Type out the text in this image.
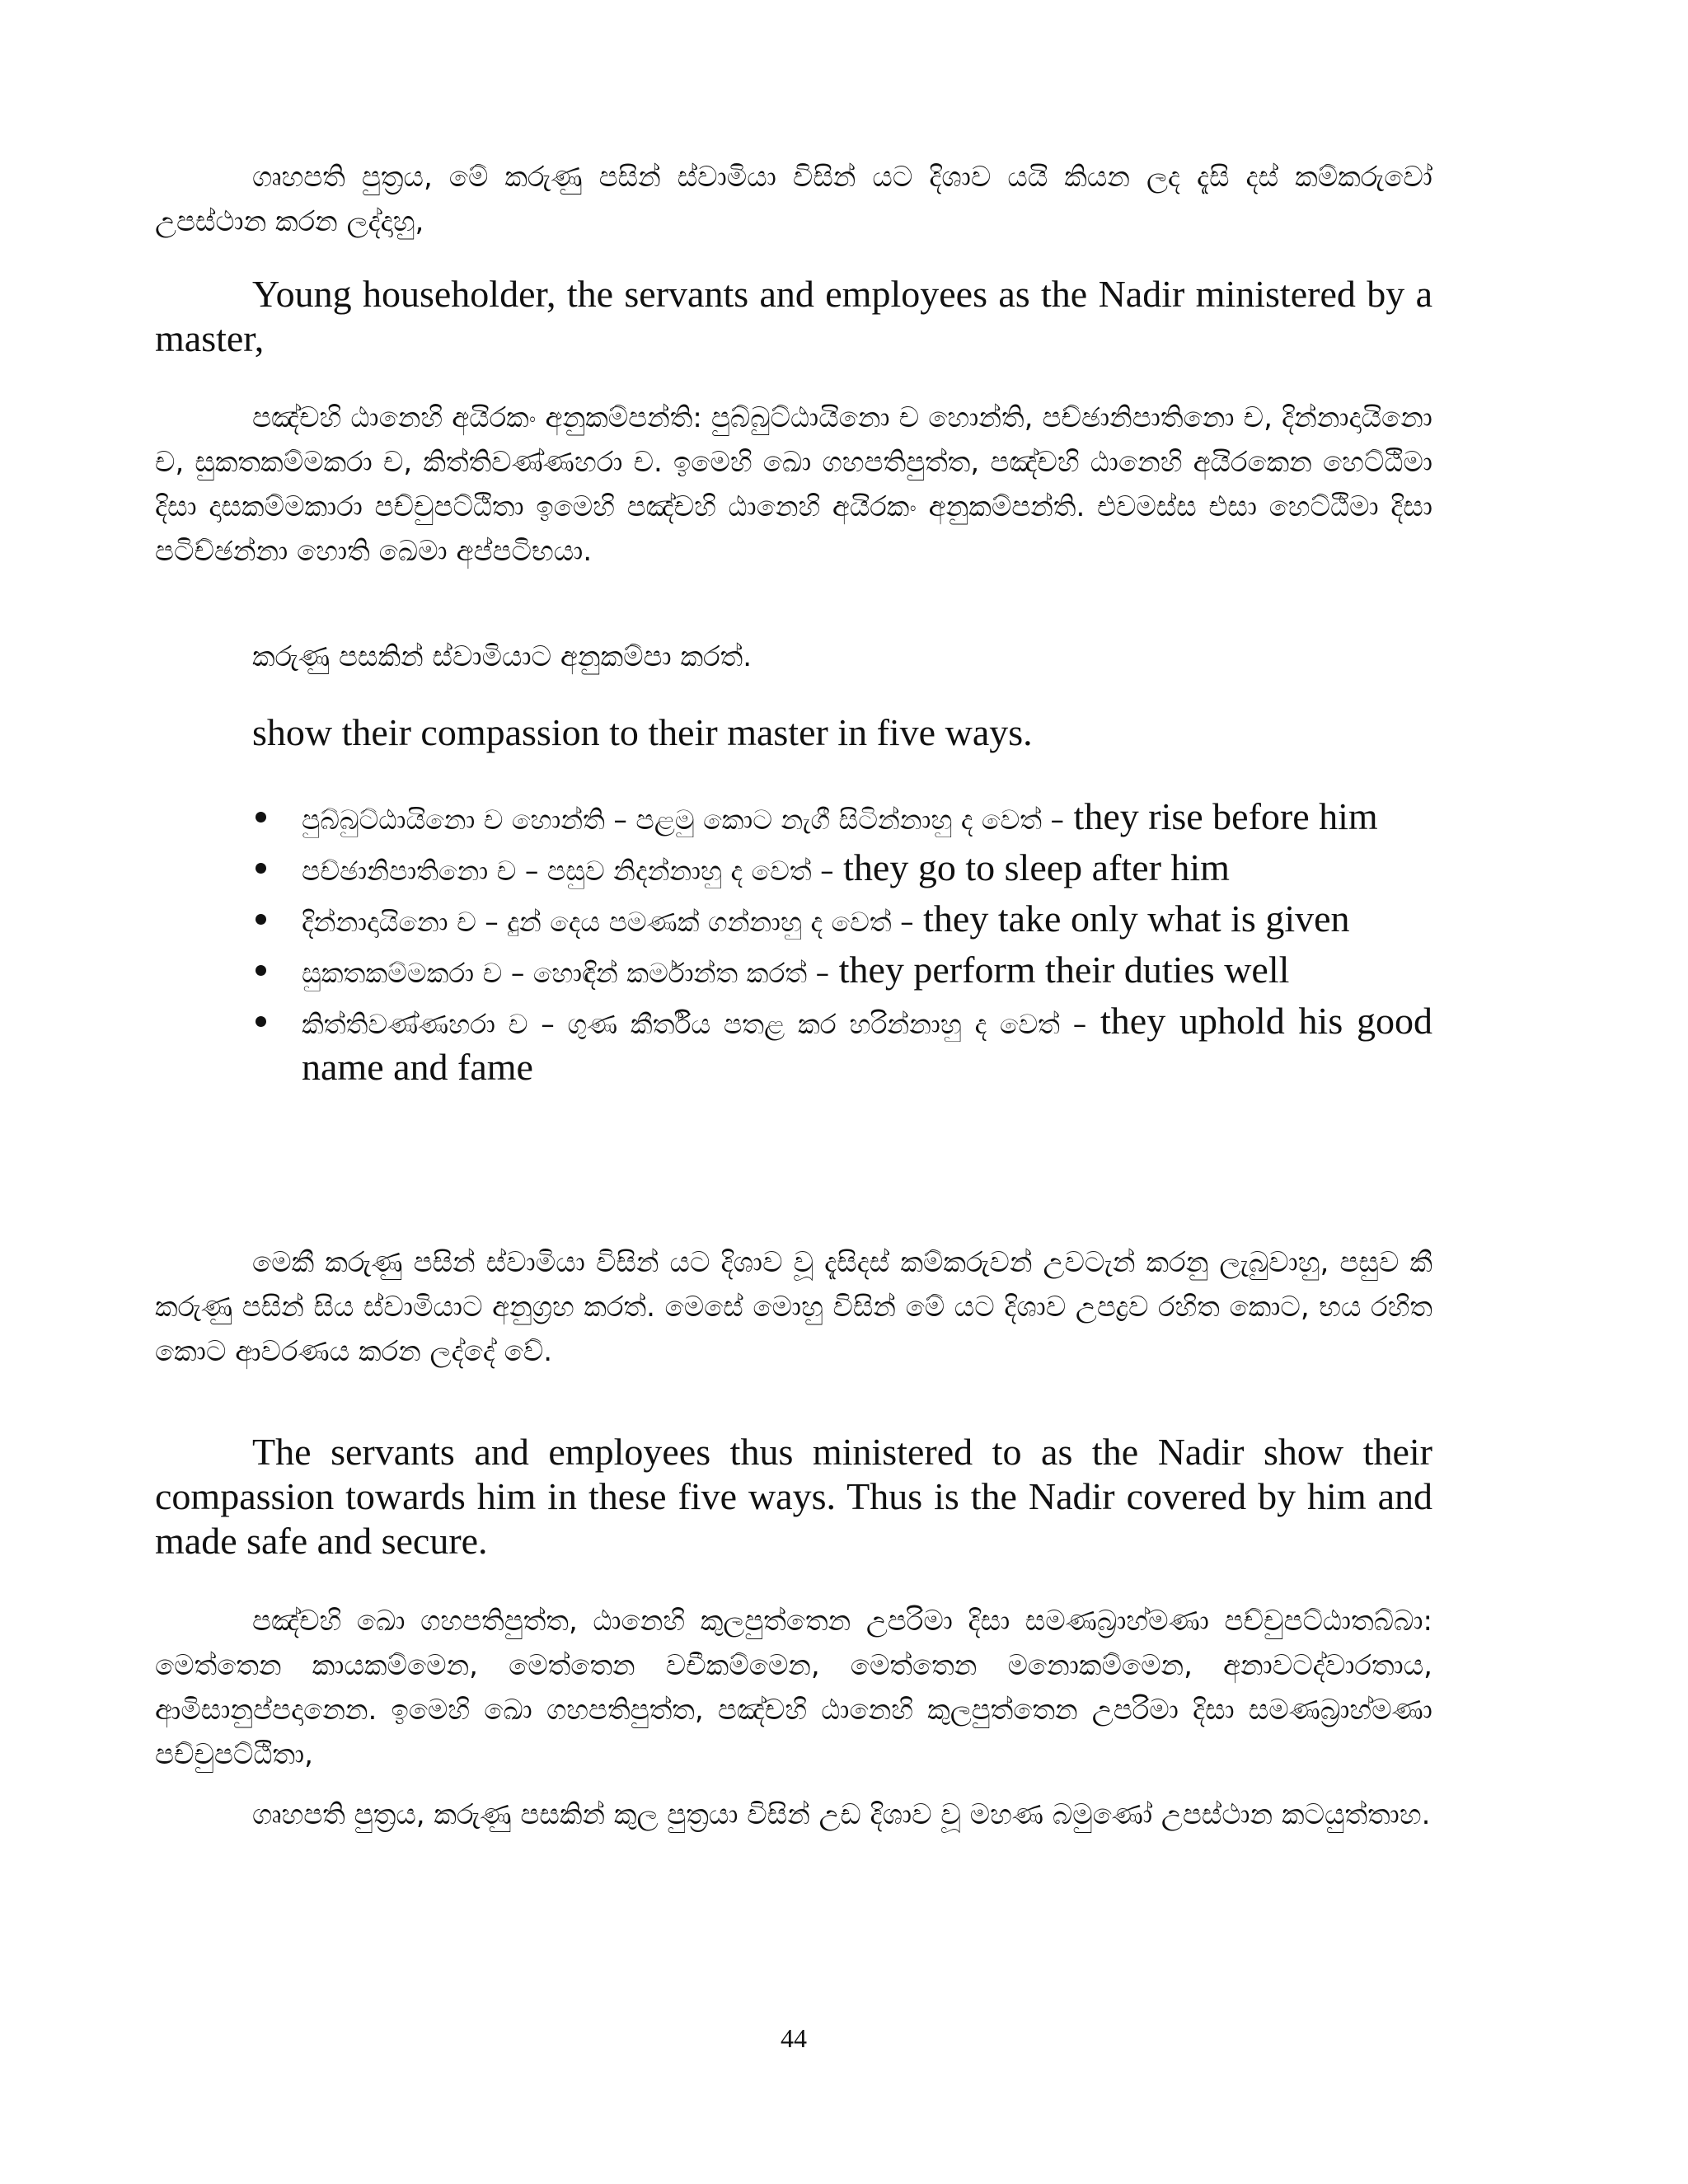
ගෘහපති පුත්‍රය, මේ කරුණු පසින් ස්වාමියා විසින් යට දිශාව යයි කියන ලද දැසි දස් කම්කරුවෝ උපස්ථාන කරන ලද්දාහු,

Young householder, the servants and employees as the Nadir ministered by a master,

පඤ්චහි ඨානෙහි අයිරකං අනුකම්පන්ති: පුබ්බුට්ඨායිනො ච හොන්ති, පච්ඡානිපාතිනො ච, දින්නාදායිනො ච, සුකතකම්මකරා ච, කිත්තිවණ්ණහරා ච. ඉමෙහි ඛො ගහපතිපුත්ත, පඤ්චහි ඨානෙහි අයිරකෙන හෙට්ඨිමා දිසා දාසකම්මකාරා පච්චුපට්ඨිතා ඉමෙහි පඤ්චහි ඨානෙහි අයිරකං අනුකම්පන්ති. එවමස්ස එසා හෙට්ඨිමා දිසා පටිච්ඡන්නා හොති ඛෙමා අප්පටිභයා.

කරුණු පසකින් ස්වාමියාට අනුකම්පා කරත්.

show their compassion to their master in five ways.

පුබ්බුට්ඨායිනො ච හොන්ති – පළමු කොට නැගී සිටින්නාහු ද වෙත් – they rise before him
පච්ඡානිපාතිනො ච – පසුව නිදන්නාහු ද වෙත් – they go to sleep after him
දින්නාදායිනො ච – දුන් දෙය පමණක් ගන්නාහු ද වෙත් – they take only what is given
සුකතකම්මකරා ච – හොඳින් කර්මාන්ත කරත් – they perform their duties well
කිත්තිවණ්ණහරා ච – ගුණ කීර්තිය පතළ කර හරින්නාහු ද වෙත් – they uphold his good name and fame

මෙකී කරුණු පසින් ස්වාමියා විසින් යට දිශාව වූ දැසිදස් කම්කරුවන් උවටැන් කරනු ලැබුවාහු, පසුව කී කරුණු පසින් සිය ස්වාමියාට අනුග්‍රහ කරත්. මෙසේ මොහු විසින් මේ යට දිශාව උපද්‍රව රහිත කොට, භය රහිත කොට ආවරණය කරන ලද්දේ වේ.

The servants and employees thus ministered to as the Nadir show their compassion towards him in these five ways. Thus is the Nadir covered by him and made safe and secure.

පඤ්චහි ඛො ගහපතිපුත්ත, ඨානෙහි කුලපුත්තෙන උපරිමා දිසා සමණබ්‍රාහ්මණා පච්චුපට්ඨාතබ්බා: මෙත්තෙන කායකම්මෙන, මෙත්තෙන වචීකම්මෙන, මෙත්තෙන මනොකම්මෙන, අනාවටද්වාරතාය, ආමිසානුප්පදානෙන. ඉමෙහි ඛො ගහපතිපුත්ත, පඤ්චහි ඨානෙහි කුලපුත්තෙන උපරිමා දිසා සමණබ්‍රාහ්මණා පච්චුපට්ඨිතා,

ගෘහපති පුත්‍රය, කරුණු පසකින් කුල පුත්‍රයා විසින් උඩ දිශාව වූ මහණ බමුණෝ උපස්ථාන කටයුත්තාහ.

44
